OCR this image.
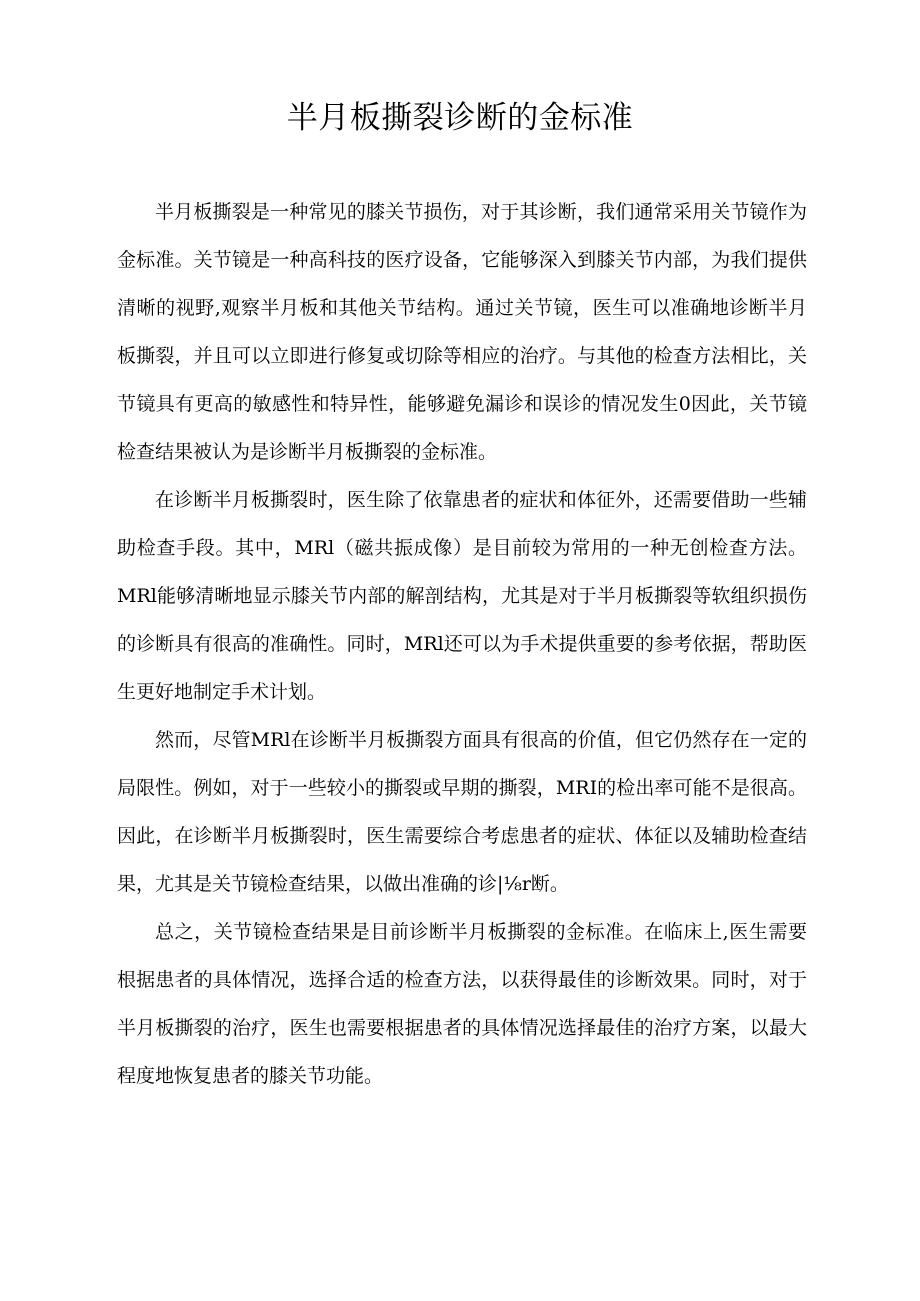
半月板撕裂诊断的金标准

半月板撕裂是一种常见的膝关节损伤，对于其诊断，我们通常采用关节镜作为金标准。关节镜是一种高科技的医疗设备，它能够深入到膝关节内部，为我们提供清晰的视野,观察半月板和其他关节结构。通过关节镜，医生可以准确地诊断半月板撕裂，并且可以立即进行修复或切除等相应的治疗。与其他的检查方法相比，关节镜具有更高的敏感性和特异性，能够避免漏诊和误诊的情况发生0因此，关节镜检查结果被认为是诊断半月板撕裂的金标准。

在诊断半月板撕裂时，医生除了依靠患者的症状和体征外，还需要借助一些辅助检查手段。其中，MRl（磁共振成像）是目前较为常用的一种无创检查方法。MRl能够清晰地显示膝关节内部的解剖结构，尤其是对于半月板撕裂等软组织损伤的诊断具有很高的准确性。同时，MRl还可以为手术提供重要的参考依据，帮助医生更好地制定手术计划。

然而，尽管MRl在诊断半月板撕裂方面具有很高的价值，但它仍然存在一定的局限性。例如，对于一些较小的撕裂或早期的撕裂，MRI的检出率可能不是很高。因此，在诊断半月板撕裂时，医生需要综合考虑患者的症状、体征以及辅助检查结果，尤其是关节镜检查结果，以做出准确的诊|⅛r断。

总之，关节镜检查结果是目前诊断半月板撕裂的金标准。在临床上,医生需要根据患者的具体情况，选择合适的检查方法，以获得最佳的诊断效果。同时，对于半月板撕裂的治疗，医生也需要根据患者的具体情况选择最佳的治疗方案，以最大程度地恢复患者的膝关节功能。
